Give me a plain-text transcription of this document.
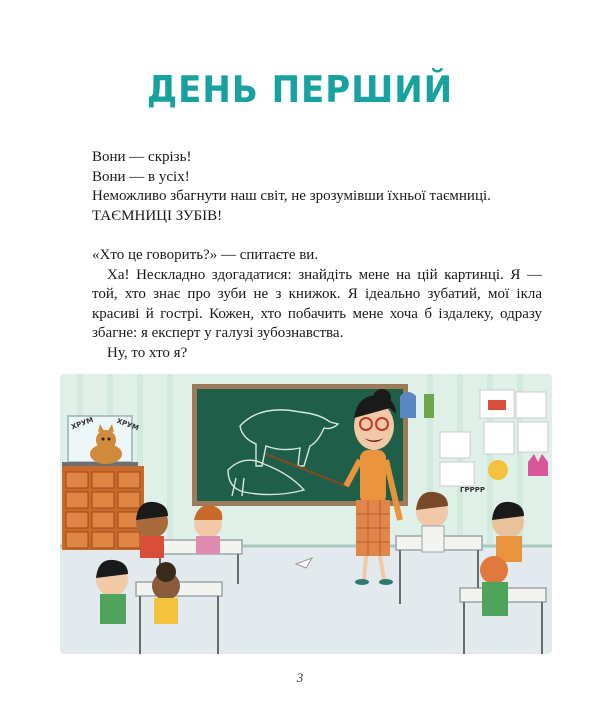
ДЕНЬ ПЕРШИЙ

Вони — скрізь!

Вони — в усіх!

Неможливо збагнути наш світ, не зрозумівши їхньої таємниці.

ТАЄМНИЦІ ЗУБІВ!

«Хто це говорить?» — спитаєте ви.

Ха! Нескладно здогадатися: знайдіть мене на цій картинці. Я — той, хто знає про зуби не з книжок. Я ідеально зубатий, мої ікла красиві й гострі. Кожен, хто побачить мене хоча б іздалеку, одразу збагне: я експерт у галузі зубознавства.

Ну, то хто я?

ХРУМ	ХРУМ
ГРРРР
3
